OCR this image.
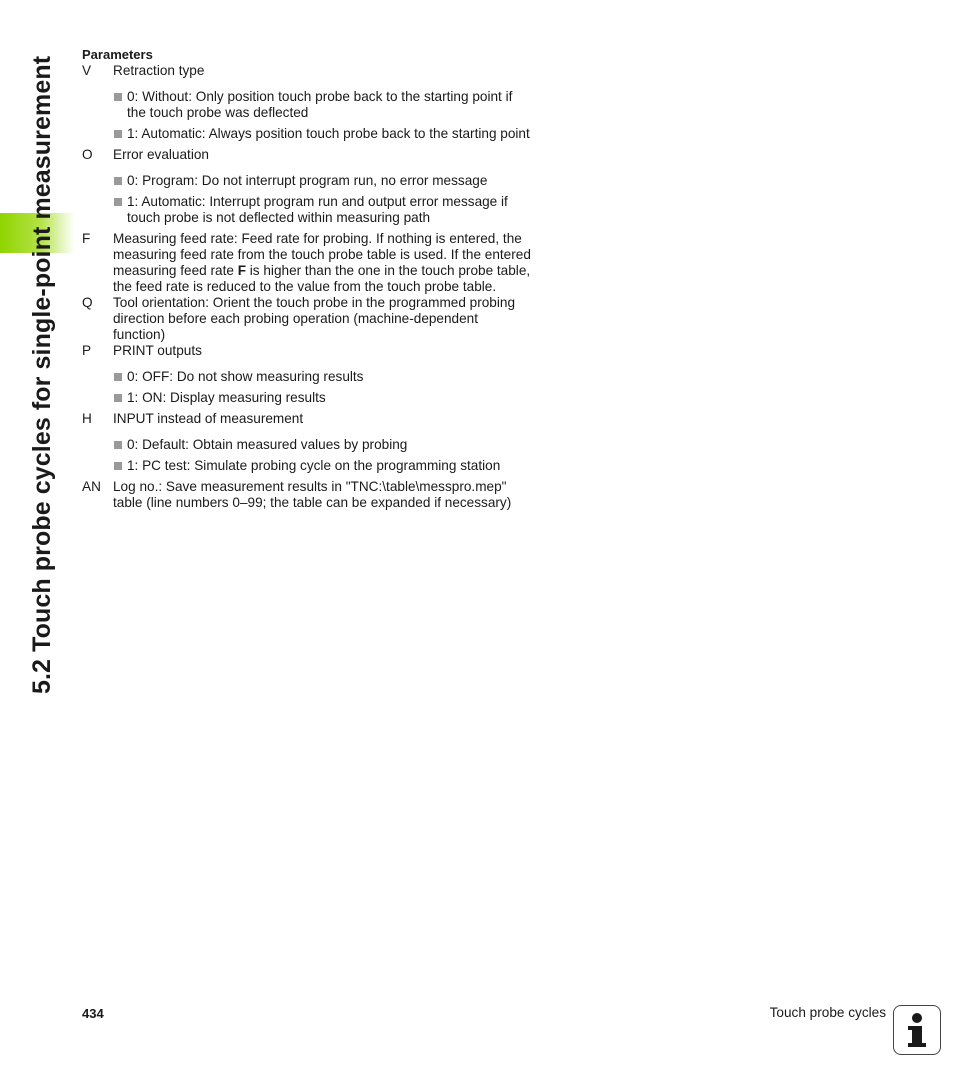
5.2 Touch probe cycles for single-point measurement
Parameters
V	Retraction type
0: Without: Only position touch probe back to the starting point if the touch probe was deflected
1: Automatic: Always position touch probe back to the starting point
O	Error evaluation
0: Program: Do not interrupt program run, no error message
1: Automatic: Interrupt program run and output error message if touch probe is not deflected within measuring path
F	Measuring feed rate: Feed rate for probing. If nothing is entered, the measuring feed rate from the touch probe table is used. If the entered measuring feed rate F is higher than the one in the touch probe table, the feed rate is reduced to the value from the touch probe table.
Q	Tool orientation: Orient the touch probe in the programmed probing direction before each probing operation (machine-dependent function)
P	PRINT outputs
0: OFF: Do not show measuring results
1: ON: Display measuring results
H	INPUT instead of measurement
0: Default: Obtain measured values by probing
1: PC test: Simulate probing cycle on the programming station
AN Log no.: Save measurement results in "TNC:\table\messpro.mep" table (line numbers 0–99; the table can be expanded if necessary)
434	Touch probe cycles
